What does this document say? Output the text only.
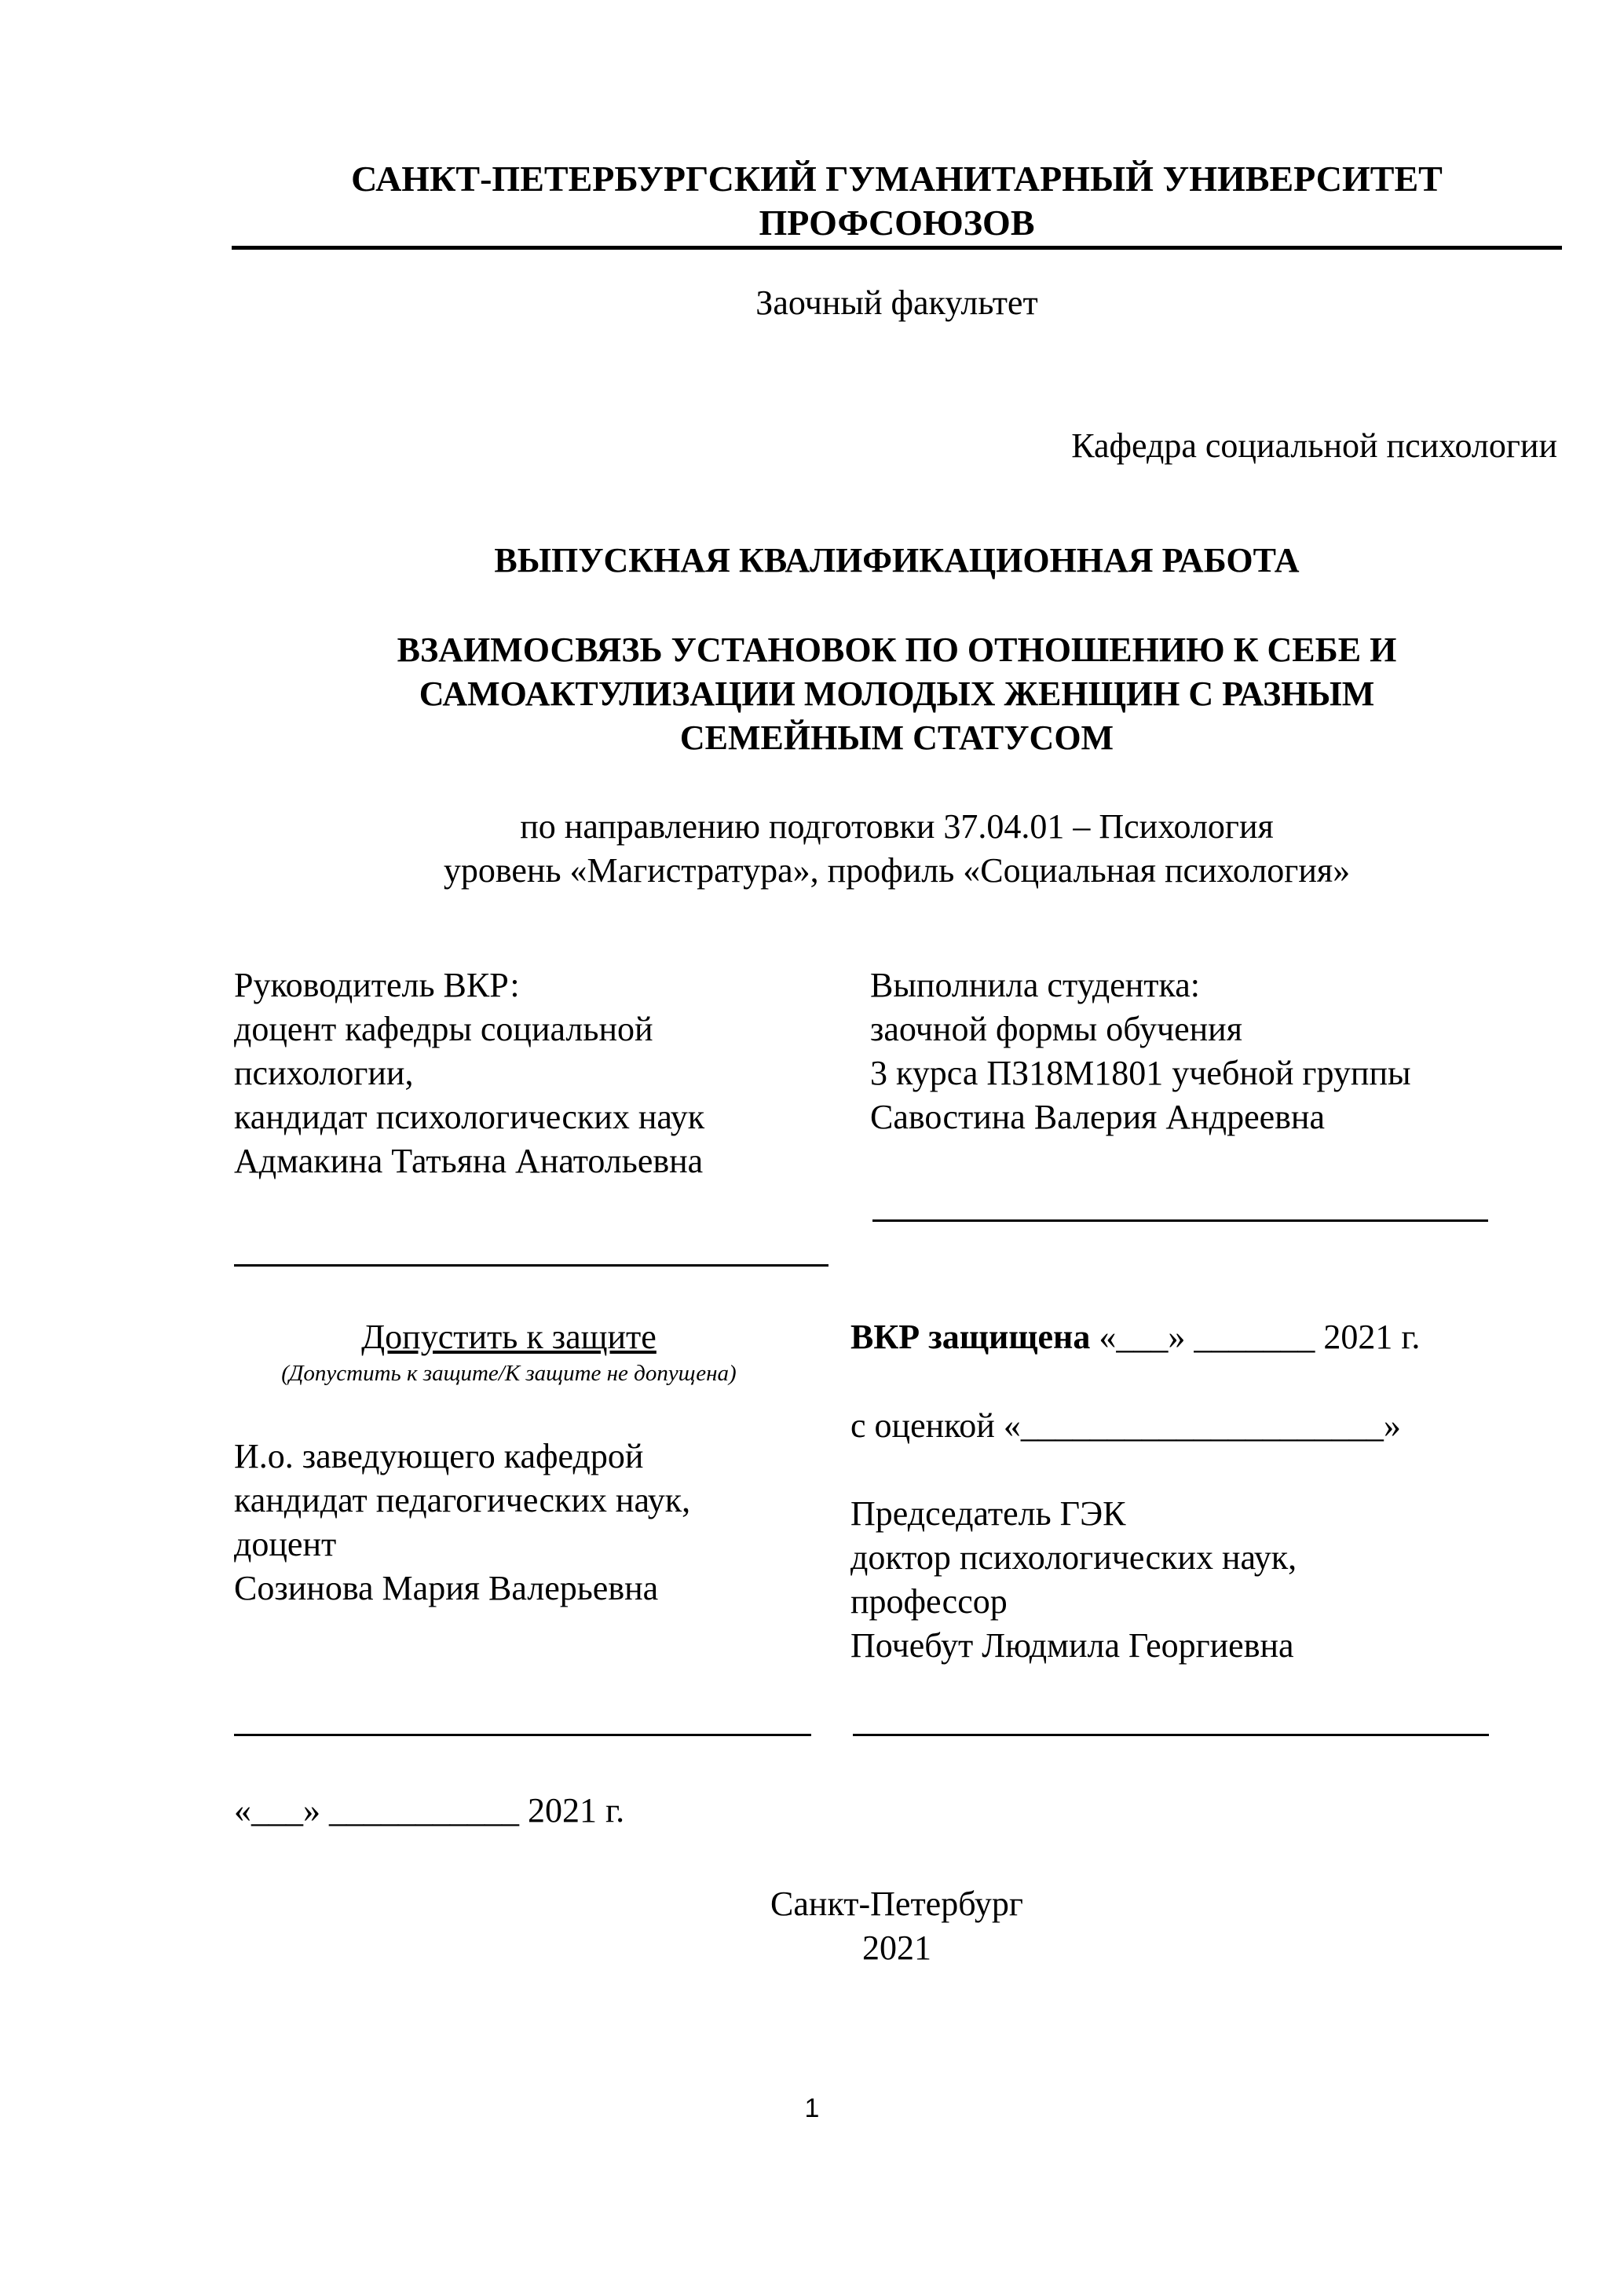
САНКТ-ПЕТЕРБУРГСКИЙ ГУМАНИТАРНЫЙ УНИВЕРСИТЕТ
ПРОФСОЮЗОВ
Заочный факультет
Кафедра социальной психологии
ВЫПУСКНАЯ КВАЛИФИКАЦИОННАЯ РАБОТА
ВЗАИМОСВЯЗЬ УСТАНОВОК ПО ОТНОШЕНИЮ К СЕБЕ И
САМОАКТУЛИЗАЦИИ МОЛОДЫХ ЖЕНЩИН С РАЗНЫМ
СЕМЕЙНЫМ СТАТУСОМ
по направлению подготовки 37.04.01 – Психология
уровень «Магистратура», профиль «Социальная психология»
Руководитель ВКР:
доцент кафедры социальной
психологии,
кандидат психологических наук
Адмакина Татьяна Анатольевна
Выполнила студентка:
заочной формы обучения
3 курса ПЗ18М1801 учебной группы
Савостина Валерия Андреевна
Допустить к защите
(Допустить к защите/К защите не допущена)
ВКР защищена «___» _______ 2021 г.
с оценкой «_____________________»
И.о. заведующего кафедрой
кандидат педагогических наук,
доцент
Созинова Мария Валерьевна
Председатель ГЭК
доктор психологических наук,
профессор
Почебут Людмила Георгиевна
«___» ___________ 2021 г.
Санкт-Петербург
2021
1
